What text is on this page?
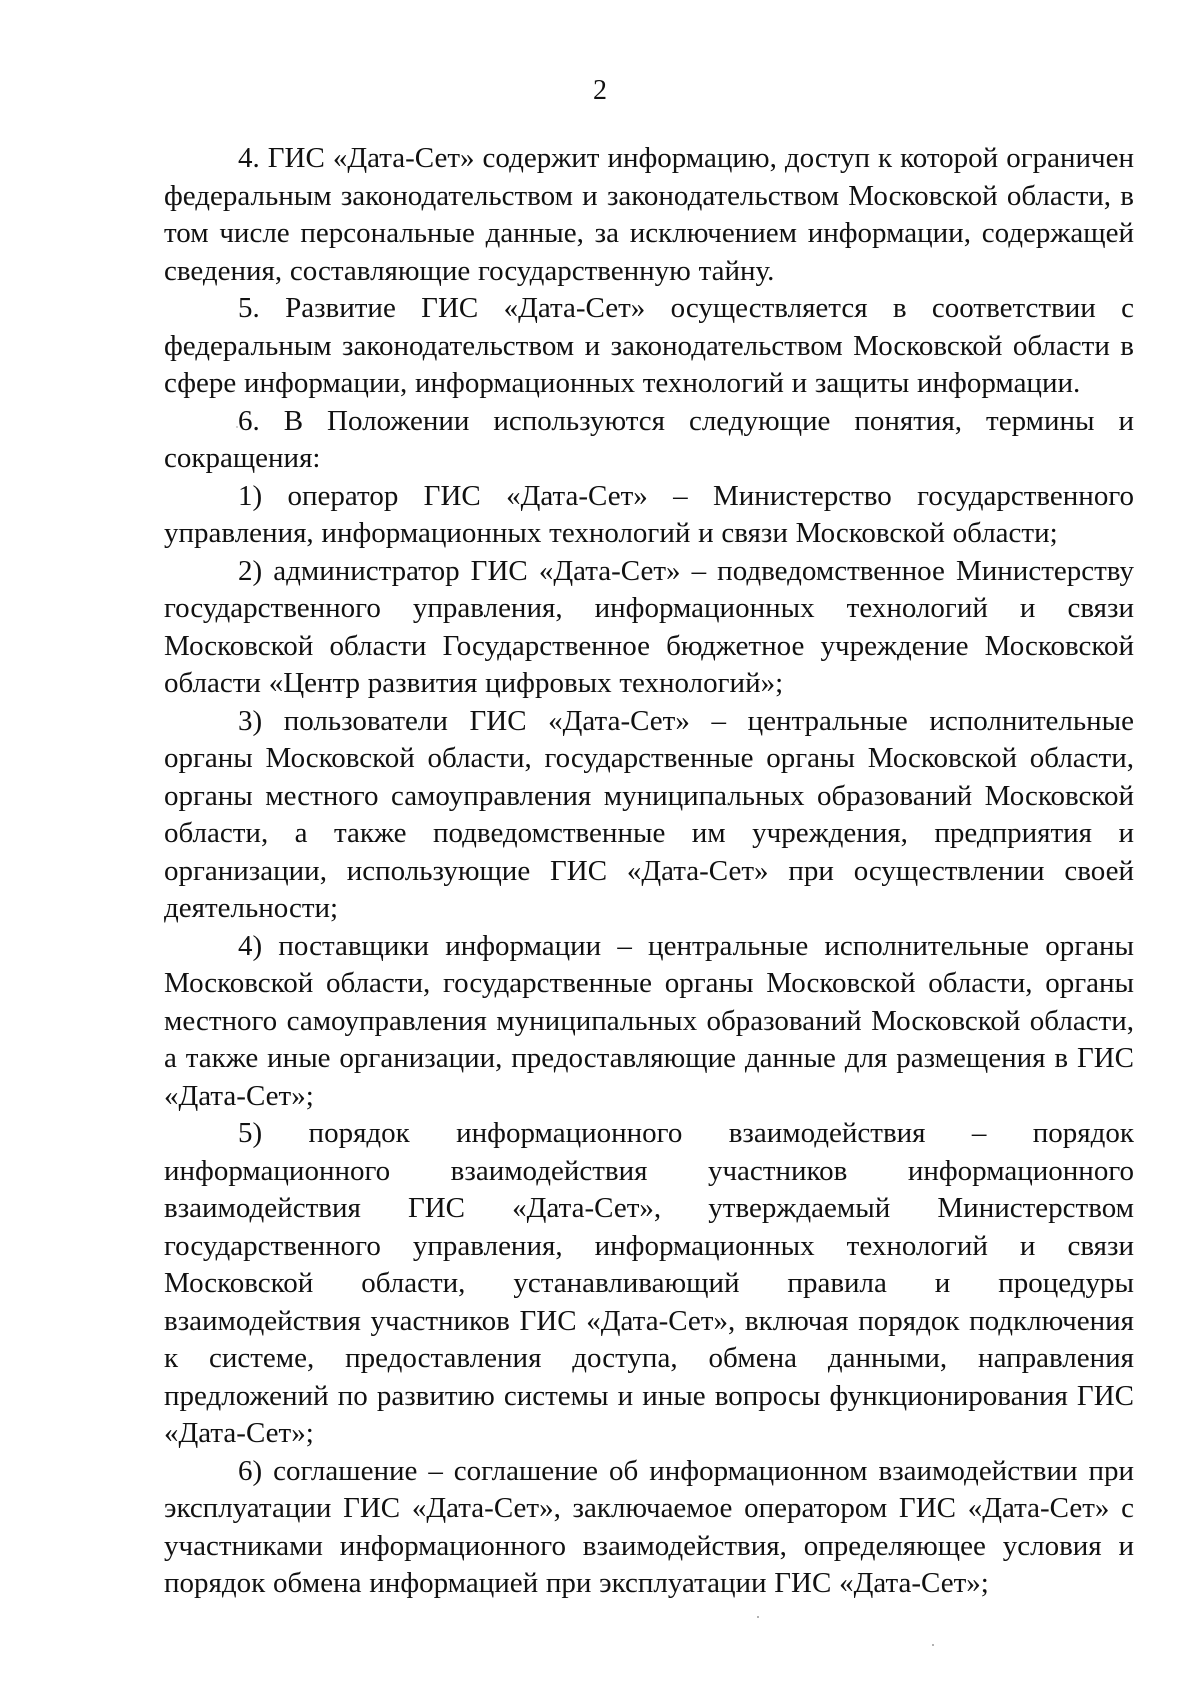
2

4. ГИС «Дата-Сет» содержит информацию, доступ к которой ограничен федеральным законодательством и законодательством Московской области, в том числе персональные данные, за исключением информации, содержащей сведения, составляющие государственную тайну.

5. Развитие ГИС «Дата-Сет» осуществляется в соответствии с федеральным законодательством и законодательством Московской области в сфере информации, информационных технологий и защиты информации.

6. В Положении используются следующие понятия, термины и сокращения:

1) оператор ГИС «Дата-Сет» – Министерство государственного управления, информационных технологий и связи Московской области;

2) администратор ГИС «Дата-Сет» – подведомственное Министерству государственного управления, информационных технологий и связи Московской области Государственное бюджетное учреждение Московской области «Центр развития цифровых технологий»;

3) пользователи ГИС «Дата-Сет» – центральные исполнительные органы Московской области, государственные органы Московской области, органы местного самоуправления муниципальных образований Московской области, а также подведомственные им учреждения, предприятия и организации, использующие ГИС «Дата-Сет» при осуществлении своей деятельности;

4) поставщики информации – центральные исполнительные органы Московской области, государственные органы Московской области, органы местного самоуправления муниципальных образований Московской области, а также иные организации, предоставляющие данные для размещения в ГИС «Дата-Сет»;

5) порядок информационного взаимодействия – порядок информационного взаимодействия участников информационного взаимодействия ГИС «Дата-Сет», утверждаемый Министерством государственного управления, информационных технологий и связи Московской области, устанавливающий правила и процедуры взаимодействия участников ГИС «Дата-Сет», включая порядок подключения к системе, предоставления доступа, обмена данными, направления предложений по развитию системы и иные вопросы функционирования ГИС «Дата-Сет»;

6) соглашение – соглашение об информационном взаимодействии при эксплуатации ГИС «Дата-Сет», заключаемое оператором ГИС «Дата-Сет» с участниками информационного взаимодействия, определяющее условия и порядок обмена информацией при эксплуатации ГИС «Дата-Сет»;
